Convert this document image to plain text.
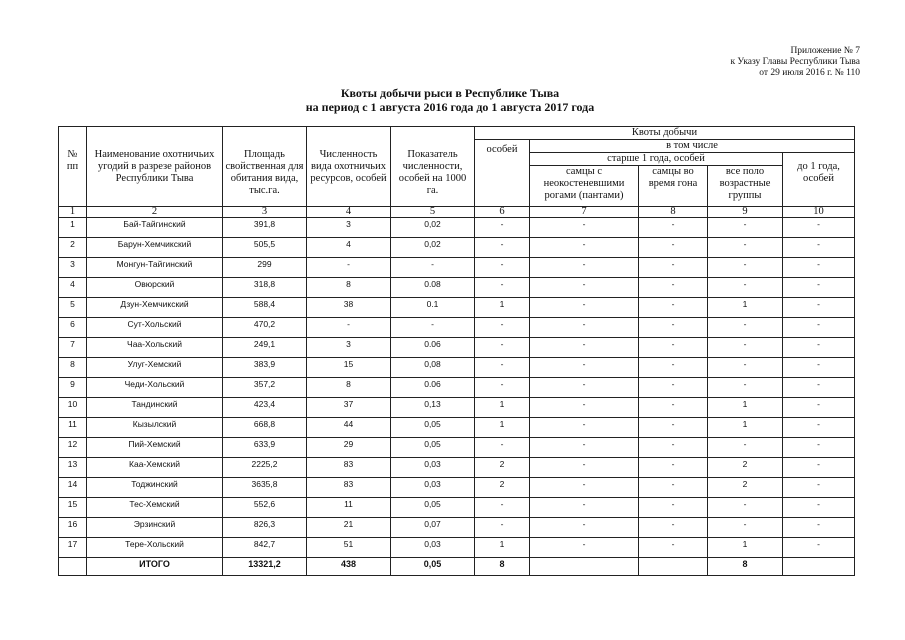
Приложение № 7
к Указу Главы Республики Тыва
от 29 июля 2016 г. № 110
Квоты добычи рыси в Республике Тыва
на период с 1 августа 2016 года до 1 августа 2017 года
№ пп	Наименование охотничьих угодий в разрезе районов Республики Тыва	Площадь свойственная для обитания вида, тыс.га.	Численность вида охотничьих ресурсов, особей	Показатель численности, особей на 1000 га.	Квоты добычи				
					особей	в том числе			
						старше 1 года, особей			до 1 года, особей
						самцы с неокостеневшими рогами (пантами)	самцы во время гона	все поло возрастные группы	
1	2	3	4	5	6	7	8	9	10
1	Бай-Тайгинский	391,8	3	0,02	-	-	-	-	-
2	Барун-Хемчикский	505,5	4	0,02	-	-	-	-	-
3	Монгун-Тайгинский	299	-	-	-	-	-	-	-
4	Овюрский	318,8	8	0.08	-	-	-	-	-
5	Дзун-Хемчикский	588,4	38	0.1	1	-	-	1	-
6	Сут-Хольский	470,2	-	-	-	-	-	-	-
7	Чаа-Хольский	249,1	3	0.06	-	-	-	-	-
8	Улуг-Хемский	383,9	15	0,08	-	-	-	-	-
9	Чеди-Хольский	357,2	8	0.06	-	-	-	-	-
10	Тандинский	423,4	37	0,13	1	-	-	1	-
11	Кызылский	668,8	44	0,05	1	-	-	1	-
12	Пий-Хемский	633,9	29	0,05	-	-	-	-	-
13	Каа-Хемский	2225,2	83	0,03	2	-	-	2	-
14	Тоджинский	3635,8	83	0,03	2	-	-	2	-
15	Тес-Хемский	552,6	11	0,05	-	-	-	-	-
16	Эрзинский	826,3	21	0,07	-	-	-	-	-
17	Тере-Хольский	842,7	51	0,03	1	-	-	1	-
	ИТОГО	13321,2	438	0,05	8			8	
